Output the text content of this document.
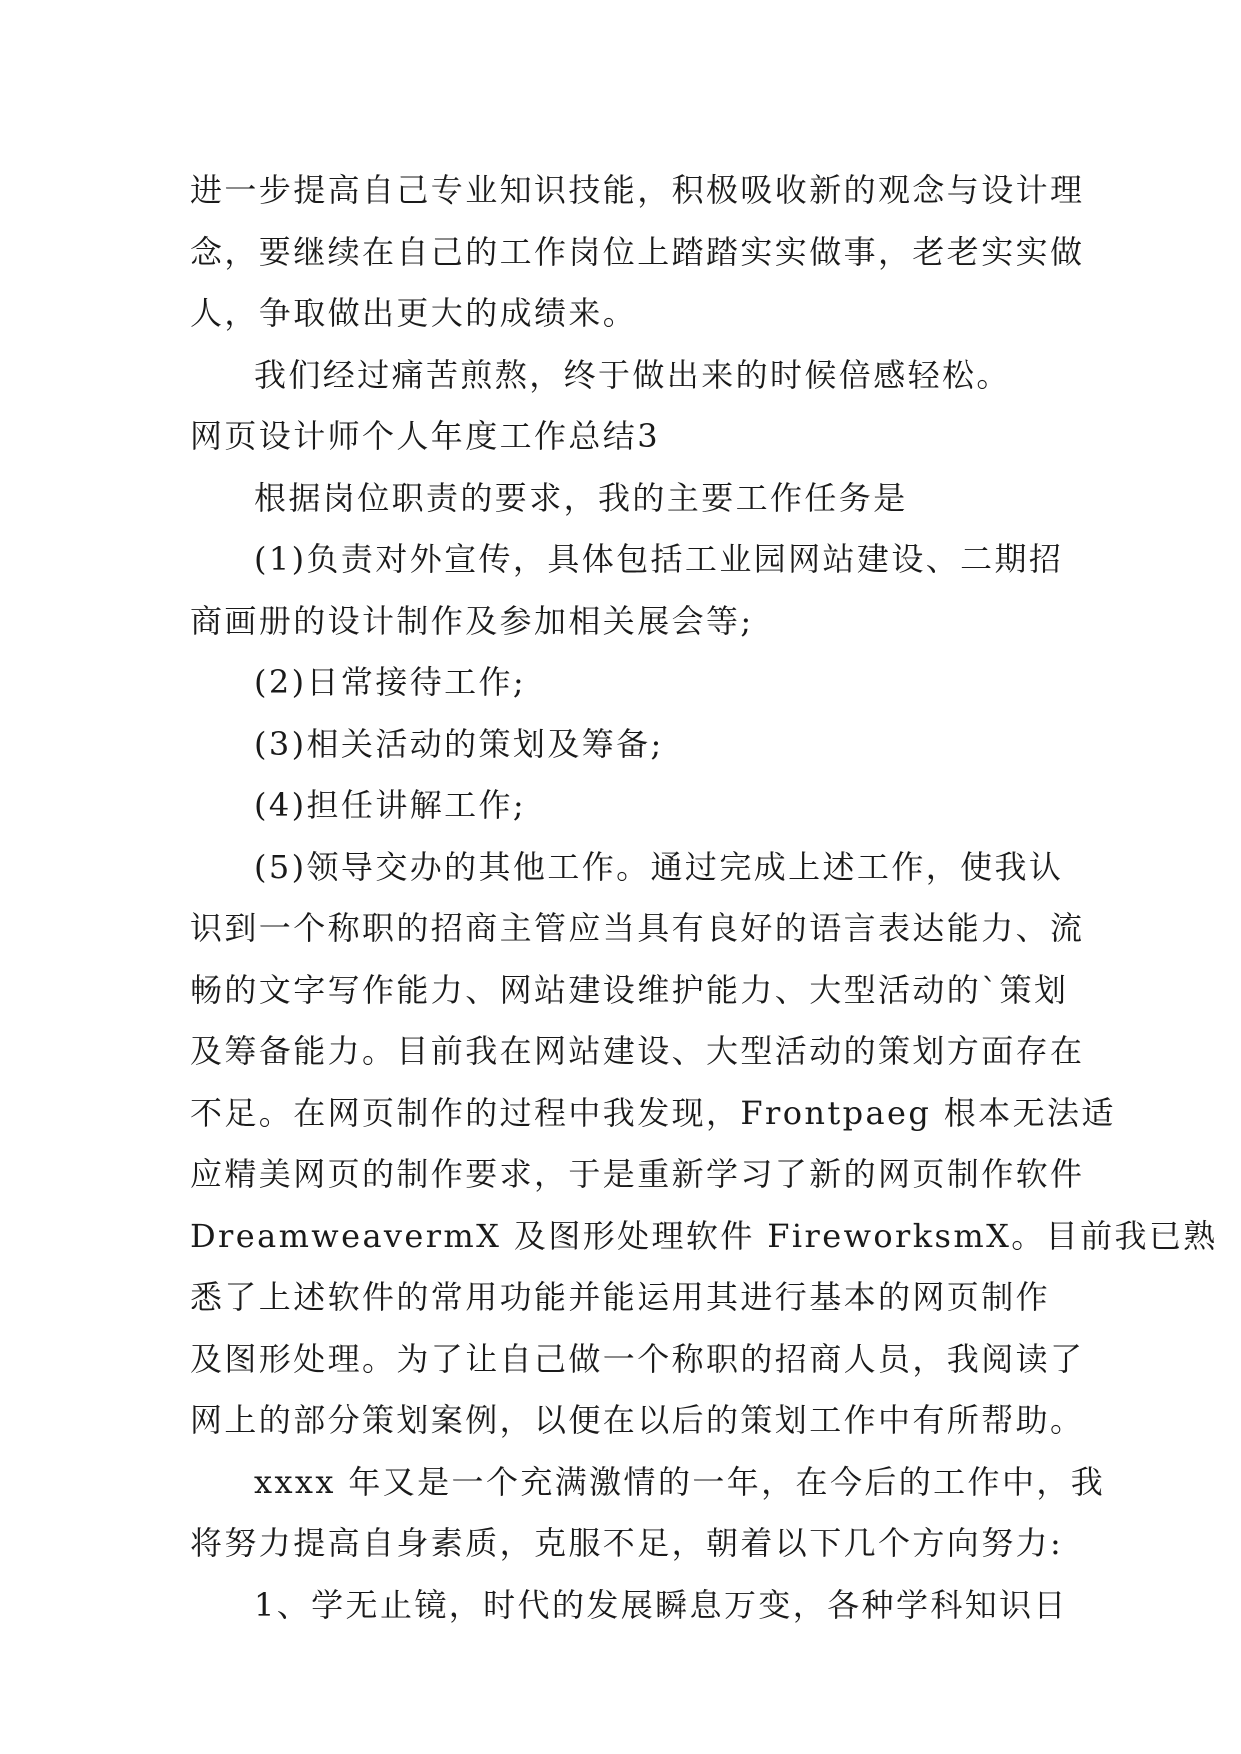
进一步提高自己专业知识技能，积极吸收新的观念与设计理
念，要继续在自己的工作岗位上踏踏实实做事，老老实实做
人，争取做出更大的成绩来。
我们经过痛苦煎熬，终于做出来的时候倍感轻松。
网页设计师个人年度工作总结3
根据岗位职责的要求，我的主要工作任务是
(1)负责对外宣传，具体包括工业园网站建设、二期招
商画册的设计制作及参加相关展会等;
(2)日常接待工作;
(3)相关活动的策划及筹备;
(4)担任讲解工作;
(5)领导交办的其他工作。通过完成上述工作，使我认
识到一个称职的招商主管应当具有良好的语言表达能力、流
畅的文字写作能力、网站建设维护能力、大型活动的`策划
及筹备能力。目前我在网站建设、大型活动的策划方面存在
不足。在网页制作的过程中我发现，Frontpaeg 根本无法适
应精美网页的制作要求，于是重新学习了新的网页制作软件
DreamweavermX 及图形处理软件 FireworksmX。目前我已熟
悉了上述软件的常用功能并能运用其进行基本的网页制作
及图形处理。为了让自己做一个称职的招商人员，我阅读了
网上的部分策划案例，以便在以后的策划工作中有所帮助。
xxxx 年又是一个充满激情的一年，在今后的工作中，我
将努力提高自身素质，克服不足，朝着以下几个方向努力:
1、学无止镜，时代的发展瞬息万变，各种学科知识日
